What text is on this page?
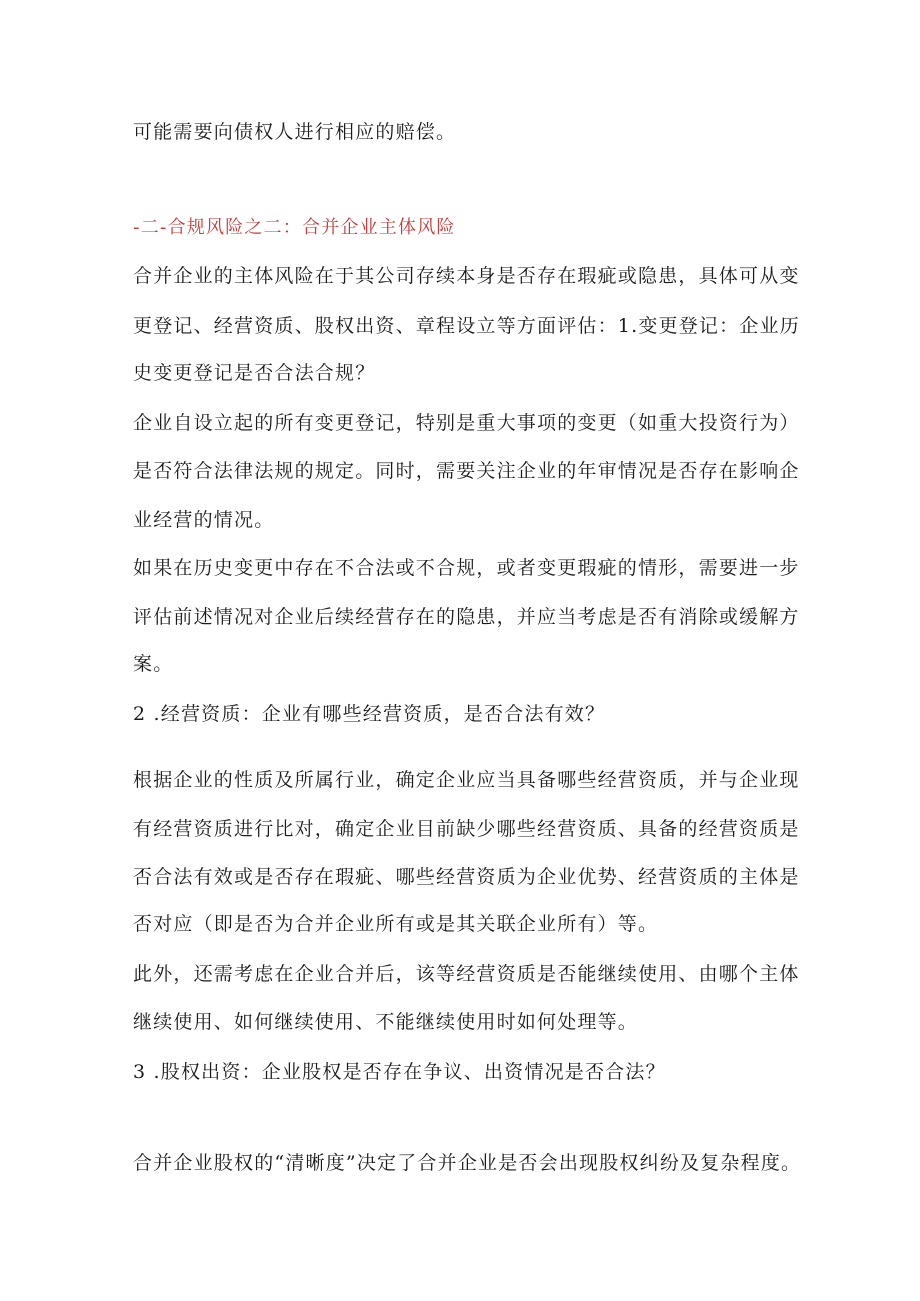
可能需要向债权人进行相应的赔偿。
-二-合规风险之二：合并企业主体风险
合并企业的主体风险在于其公司存续本身是否存在瑕疵或隐患，具体可从变
更登记、经营资质、股权出资、章程设立等方面评估：1.变更登记：企业历
史变更登记是否合法合规？
企业自设立起的所有变更登记，特别是重大事项的变更（如重大投资行为）
是否符合法律法规的规定。同时，需要关注企业的年审情况是否存在影响企
业经营的情况。
如果在历史变更中存在不合法或不合规，或者变更瑕疵的情形，需要进一步
评估前述情况对企业后续经营存在的隐患，并应当考虑是否有消除或缓解方
案。
2 .经营资质：企业有哪些经营资质，是否合法有效？
根据企业的性质及所属行业，确定企业应当具备哪些经营资质，并与企业现
有经营资质进行比对，确定企业目前缺少哪些经营资质、具备的经营资质是
否合法有效或是否存在瑕疵、哪些经营资质为企业优势、经营资质的主体是
否对应（即是否为合并企业所有或是其关联企业所有）等。
此外，还需考虑在企业合并后，该等经营资质是否能继续使用、由哪个主体
继续使用、如何继续使用、不能继续使用时如何处理等。
3 .股权出资：企业股权是否存在争议、出资情况是否合法？
合并企业股权的“清晰度”决定了合并企业是否会出现股权纠纷及复杂程度。
